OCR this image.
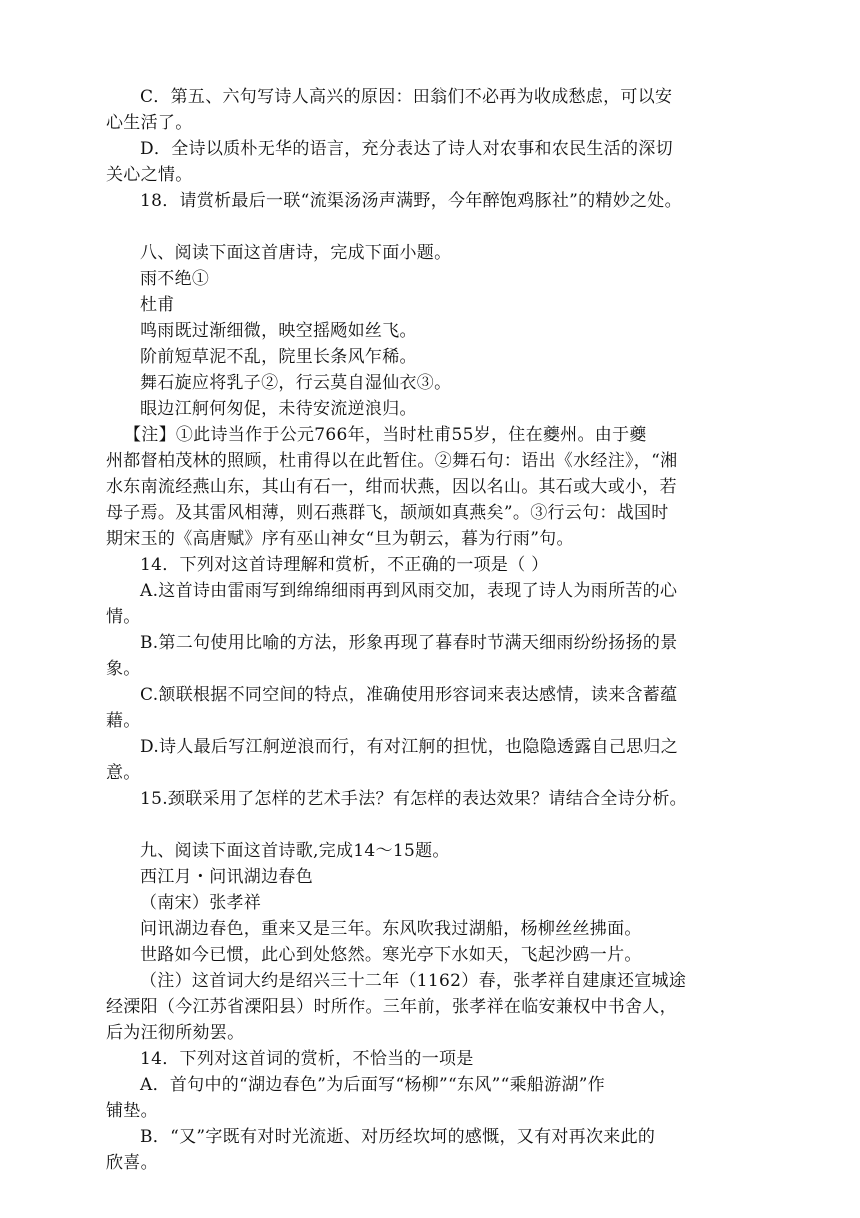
C．第五、六句写诗人高兴的原因：田翁们不必再为收成愁虑，可以安
心生活了。
D．全诗以质朴无华的语言，充分表达了诗人对农事和农民生活的深切
关心之情。
18．请赏析最后一联“流渠汤汤声满野，今年醉饱鸡豚社”的精妙之处。
八、阅读下面这首唐诗，完成下面小题。
雨不绝①
杜甫
鸣雨既过渐细微，映空摇飏如丝飞。
阶前短草泥不乱，院里长条风乍稀。
舞石旋应将乳子②，行云莫自湿仙衣③。
眼边江舸何匆促，未待安流逆浪归。
【注】①此诗当作于公元766年，当时杜甫55岁，住在夔州。由于夔
州都督柏茂林的照顾，杜甫得以在此暂住。②舞石句：语出《水经注》，“湘
水东南流经燕山东，其山有石一，绀而状燕，因以名山。其石或大或小，若
母子焉。及其雷风相薄，则石燕群飞，颉颃如真燕矣”。③行云句：战国时
期宋玉的《高唐赋》序有巫山神女“旦为朝云，暮为行雨”句。
14．下列对这首诗理解和赏析，不正确的一项是（ ）
A.这首诗由雷雨写到绵绵细雨再到风雨交加，表现了诗人为雨所苦的心
情。
B.第二句使用比喻的方法，形象再现了暮春时节满天细雨纷纷扬扬的景
象。
C.颔联根据不同空间的特点，准确使用形容词来表达感情，读来含蓄蕴
藉。
D.诗人最后写江舸逆浪而行，有对江舸的担忧，也隐隐透露自己思归之
意。
15.颈联采用了怎样的艺术手法？有怎样的表达效果？请结合全诗分析。
九、阅读下面这首诗歌,完成14～15题。
西江月・问讯湖边春色
（南宋）张孝祥
问讯湖边春色，重来又是三年。东风吹我过湖船，杨柳丝丝拂面。
世路如今已惯，此心到处悠然。寒光亭下水如天，飞起沙鸥一片。
（注）这首词大约是绍兴三十二年（1162）春，张孝祥自建康还宣城途
经溧阳（今江苏省溧阳县）时所作。三年前，张孝祥在临安兼权中书舍人，
后为汪彻所劾罢。
14．下列对这首词的赏析，不恰当的一项是
A．首句中的“湖边春色”为后面写“杨柳”“东风”“乘船游湖”作
铺垫。
B．“又”字既有对时光流逝、对历经坎坷的感慨，又有对再次来此的
欣喜。
